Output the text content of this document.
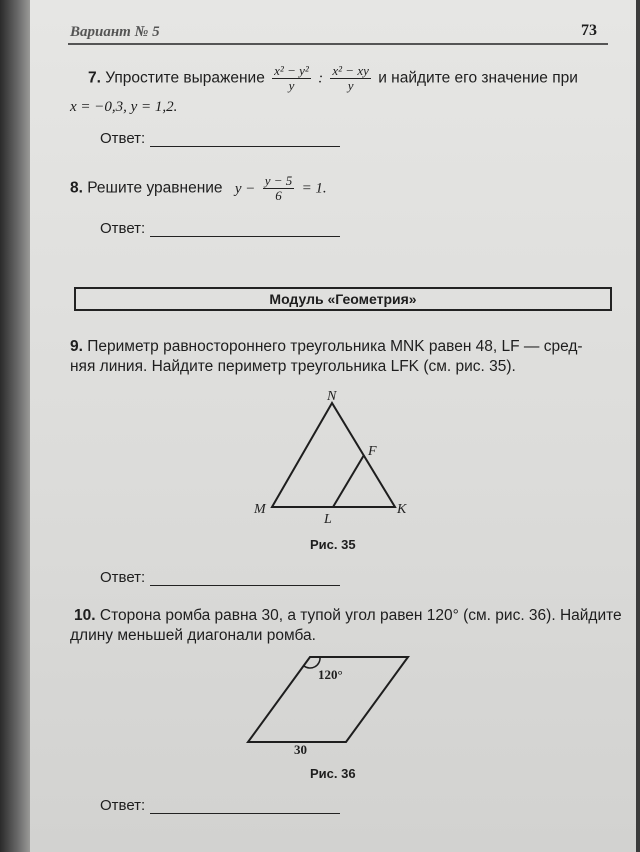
Вариант № 5	73
7. Упростите выражение $\frac{\text{x² − y²}}{y}$ : $\frac{\text{x² − xy}}{y}$ и найдите его значение при
x = −0,3, y = 1,2.
Ответ:
8. Решите уравнение $y - \frac{y - 5}{6} = 1$.
Ответ:
Модуль «Геометрия»
9. Периметр равностороннего треугольника MNK равен 48, LF — сред-
няя линия. Найдите периметр треугольника LFK (см. рис. 35).
N
M	K
F
L
Рис. 35
Ответ:
10. Сторона ромба равна 30, а тупой угол равен 120° (см. рис. 36). Найдите
длину меньшей диагонали ромба.
120°
30
Рис. 36
Ответ:
